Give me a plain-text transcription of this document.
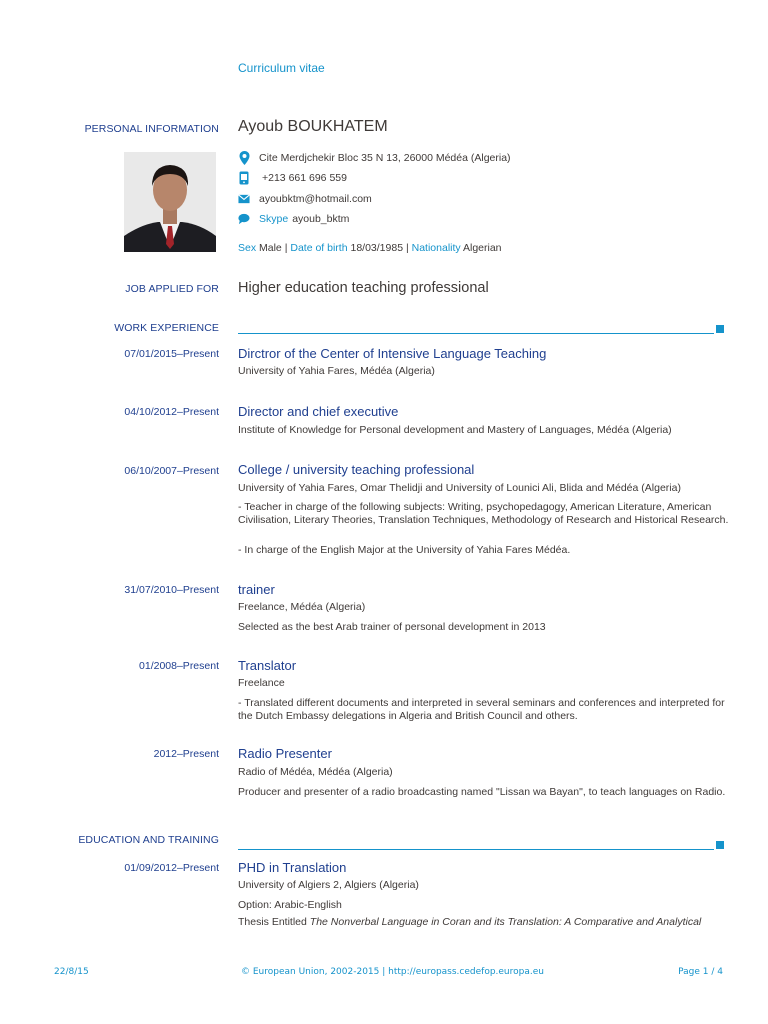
Curriculum vitae
PERSONAL INFORMATION Ayoub BOUKHATEM
Cite Merdjchekir Bloc 35 N 13, 26000 Médéa (Algeria)
+213 661 696 559
ayoubktm@hotmail.com
Skype ayoub_bktm
Sex Male | Date of birth 18/03/1985 | Nationality Algerian
JOB APPLIED FOR Higher education teaching professional
WORK EXPERIENCE
07/01/2015–Present Dirctror of the Center of Intensive Language Teaching
University of Yahia Fares, Médéa (Algeria)
04/10/2012–Present Director and chief executive
Institute of Knowledge for Personal development and Mastery of Languages, Médéa (Algeria)
06/10/2007–Present College / university teaching professional
University of Yahia Fares, Omar Thelidji and University of Lounici Ali, Blida and Médéa (Algeria)
- Teacher in charge of the following subjects: Writing, psychopedagogy, American Literature, American Civilisation, Literary Theories, Translation Techniques, Methodology of Research and Historical Research.
- In charge of the English Major at the University of Yahia Fares Médéa.
31/07/2010–Present trainer
Freelance, Médéa (Algeria)
Selected as the best Arab trainer of personal development in 2013
01/2008–Present Translator
Freelance
- Translated different documents and interpreted in several seminars and conferences and interpreted for the Dutch Embassy delegations in Algeria and British Council and others.
2012–Present Radio Presenter
Radio of Médéa, Médéa (Algeria)
Producer and presenter of a radio broadcasting named "Lissan wa Bayan", to teach languages on Radio.
EDUCATION AND TRAINING
01/09/2012–Present PHD in Translation
University of Algiers 2, Algiers (Algeria)
Option: Arabic-English
Thesis Entitled The Nonverbal Language in Coran and its Translation: A Comparative and Analytical
22/8/15	© European Union, 2002-2015 | http://europass.cedefop.europa.eu	Page 1 / 4
